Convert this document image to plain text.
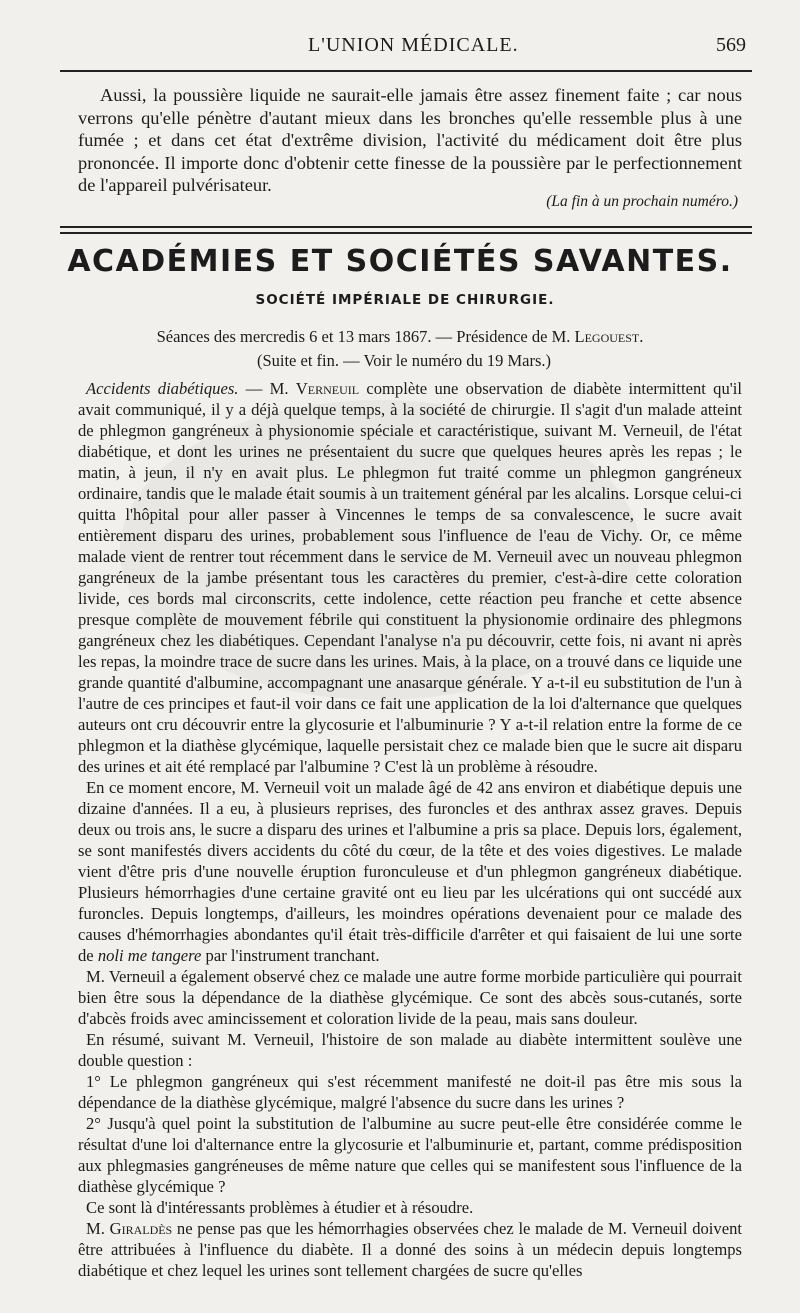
L'UNION MÉDICALE.	569
Aussi, la poussière liquide ne saurait-elle jamais être assez finement faite ; car nous verrons qu'elle pénètre d'autant mieux dans les bronches qu'elle ressemble plus à une fumée ; et dans cet état d'extrême division, l'activité du médicament doit être plus prononcée. Il importe donc d'obtenir cette finesse de la poussière par le perfectionnement de l'appareil pulvérisateur.
(La fin à un prochain numéro.)
ACADÉMIES ET SOCIÉTÉS SAVANTES.
SOCIÉTÉ IMPÉRIALE DE CHIRURGIE.
Séances des mercredis 6 et 13 mars 1867. — Présidence de M. Legouest.
(Suite et fin. — Voir le numéro du 19 Mars.)

Accidents diabétiques. — M. Verneuil complète une observation de diabète intermittent qu'il avait communiqué, il y a déjà quelque temps, à la société de chirurgie. Il s'agit d'un malade atteint de phlegmon gangréneux à physionomie spéciale et caractéristique, suivant M. Verneuil, de l'état diabétique, et dont les urines ne présentaient du sucre que quelques heures après les repas ; le matin, à jeun, il n'y en avait plus. Le phlegmon fut traité comme un phlegmon gangréneux ordinaire, tandis que le malade était soumis à un traitement général par les alcalins. Lorsque celui-ci quitta l'hôpital pour aller passer à Vincennes le temps de sa convalescence, le sucre avait entièrement disparu des urines, probablement sous l'influence de l'eau de Vichy. Or, ce même malade vient de rentrer tout récemment dans le service de M. Verneuil avec un nouveau phlegmon gangréneux de la jambe présentant tous les caractères du premier, c'est-à-dire cette coloration livide, ces bords mal circonscrits, cette indolence, cette réaction peu franche et cette absence presque complète de mouvement fébrile qui constituent la physionomie ordinaire des phlegmons gangréneux chez les diabétiques. Cependant l'analyse n'a pu découvrir, cette fois, ni avant ni après les repas, la moindre trace de sucre dans les urines. Mais, à la place, on a trouvé dans ce liquide une grande quantité d'albumine, accompagnant une anasarque générale. Y a-t-il eu substitution de l'un à l'autre de ces principes et faut-il voir dans ce fait une application de la loi d'alternance que quelques auteurs ont cru découvrir entre la glycosurie et l'albuminurie ? Y a-t-il relation entre la forme de ce phlegmon et la diathèse glycémique, laquelle persistait chez ce malade bien que le sucre ait disparu des urines et ait été remplacé par l'albumine ? C'est là un problème à résoudre.

En ce moment encore, M. Verneuil voit un malade âgé de 42 ans environ et diabétique depuis une dizaine d'années. Il a eu, à plusieurs reprises, des furoncles et des anthrax assez graves. Depuis deux ou trois ans, le sucre a disparu des urines et l'albumine a pris sa place. Depuis lors, également, se sont manifestés divers accidents du côté du cœur, de la tête et des voies digestives. Le malade vient d'être pris d'une nouvelle éruption furonculeuse et d'un phlegmon gangréneux diabétique. Plusieurs hémorrhagies d'une certaine gravité ont eu lieu par les ulcérations qui ont succédé aux furoncles. Depuis longtemps, d'ailleurs, les moindres opérations devenaient pour ce malade des causes d'hémorrhagies abondantes qu'il était très-difficile d'arrêter et qui faisaient de lui une sorte de noli me tangere par l'instrument tranchant.

M. Verneuil a également observé chez ce malade une autre forme morbide particulière qui pourrait bien être sous la dépendance de la diathèse glycémique. Ce sont des abcès sous-cutanés, sorte d'abcès froids avec amincissement et coloration livide de la peau, mais sans douleur.

En résumé, suivant M. Verneuil, l'histoire de son malade au diabète intermittent soulève une double question :

1° Le phlegmon gangréneux qui s'est récemment manifesté ne doit-il pas être mis sous la dépendance de la diathèse glycémique, malgré l'absence du sucre dans les urines ?

2° Jusqu'à quel point la substitution de l'albumine au sucre peut-elle être considérée comme le résultat d'une loi d'alternance entre la glycosurie et l'albuminurie et, partant, comme prédisposition aux phlegmasies gangréneuses de même nature que celles qui se manifestent sous l'influence de la diathèse glycémique ?

Ce sont là d'intéressants problèmes à étudier et à résoudre.

M. Giraldès ne pense pas que les hémorrhagies observées chez le malade de M. Verneuil doivent être attribuées à l'influence du diabète. Il a donné des soins à un médecin depuis longtemps diabétique et chez lequel les urines sont tellement chargées de sucre qu'elles
